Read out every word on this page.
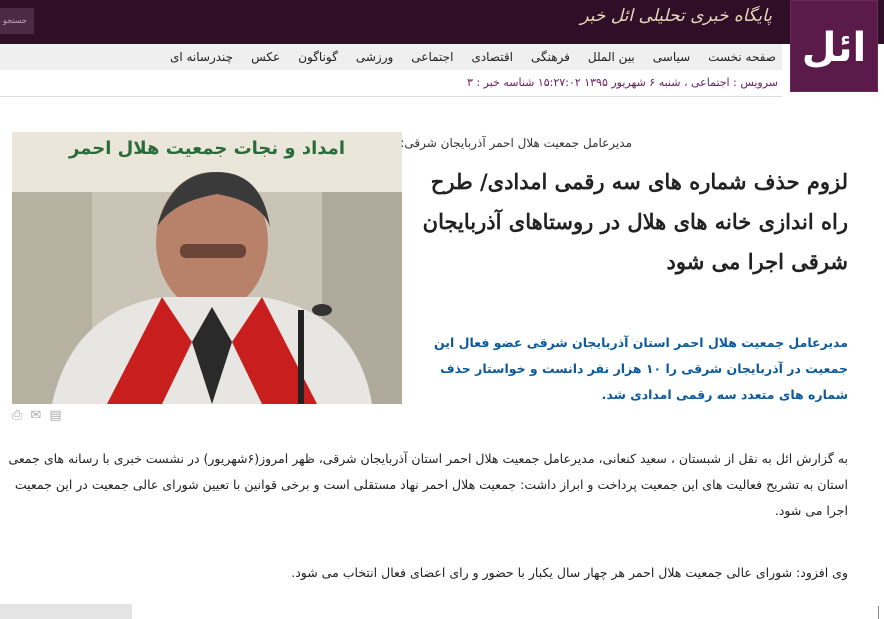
جستجو	پایگاه خبری تحلیلی ائل خبر
ائل
صفحه نخست
سیاسی
بین الملل
فرهنگی
اقتصادی
اجتماعی
ورزشی
گوناگون
عکس
چندرسانه ای
سرویس : اجتماعی ، شنبه ۶ شهریور ۱۳۹۵ ۱۵:۲۷:۰۲ شناسه خبر : ۳
امداد و نجات جمعیت هلال احمر
⎙ ✉ ▤
مدیرعامل جمعیت هلال احمر آذربایجان شرقی:
لزوم حذف شماره های سه رقمی امدادی/ طرح راه اندازی خانه های هلال در روستاهای آذربایجان شرقی اجرا می شود

مدیرعامل جمعیت هلال احمر استان آذربایجان شرقی عضو فعال این جمعیت در آذربایجان شرقی را ۱۰ هزار نفر دانست و خواستار حذف شماره های متعدد سه رقمی امدادی شد.

به گزارش ائل به نقل از شبستان ، سعید کنعانی، مدیرعامل جمعیت هلال احمر استان آذربایجان شرقی، ظهر امروز(۶شهریور) در نشست خبری با رسانه های جمعی استان به تشریح فعالیت های این جمعیت پرداخت و ابراز داشت: جمعیت هلال احمر نهاد مستقلی است و برخی قوانین با تعیین شورای عالی جمعیت در این جمعیت اجرا می شود.

وی افزود: شورای عالی جمعیت هلال احمر هر چهار سال یکبار با حضور و رای اعضای فعال انتخاب می شود.
